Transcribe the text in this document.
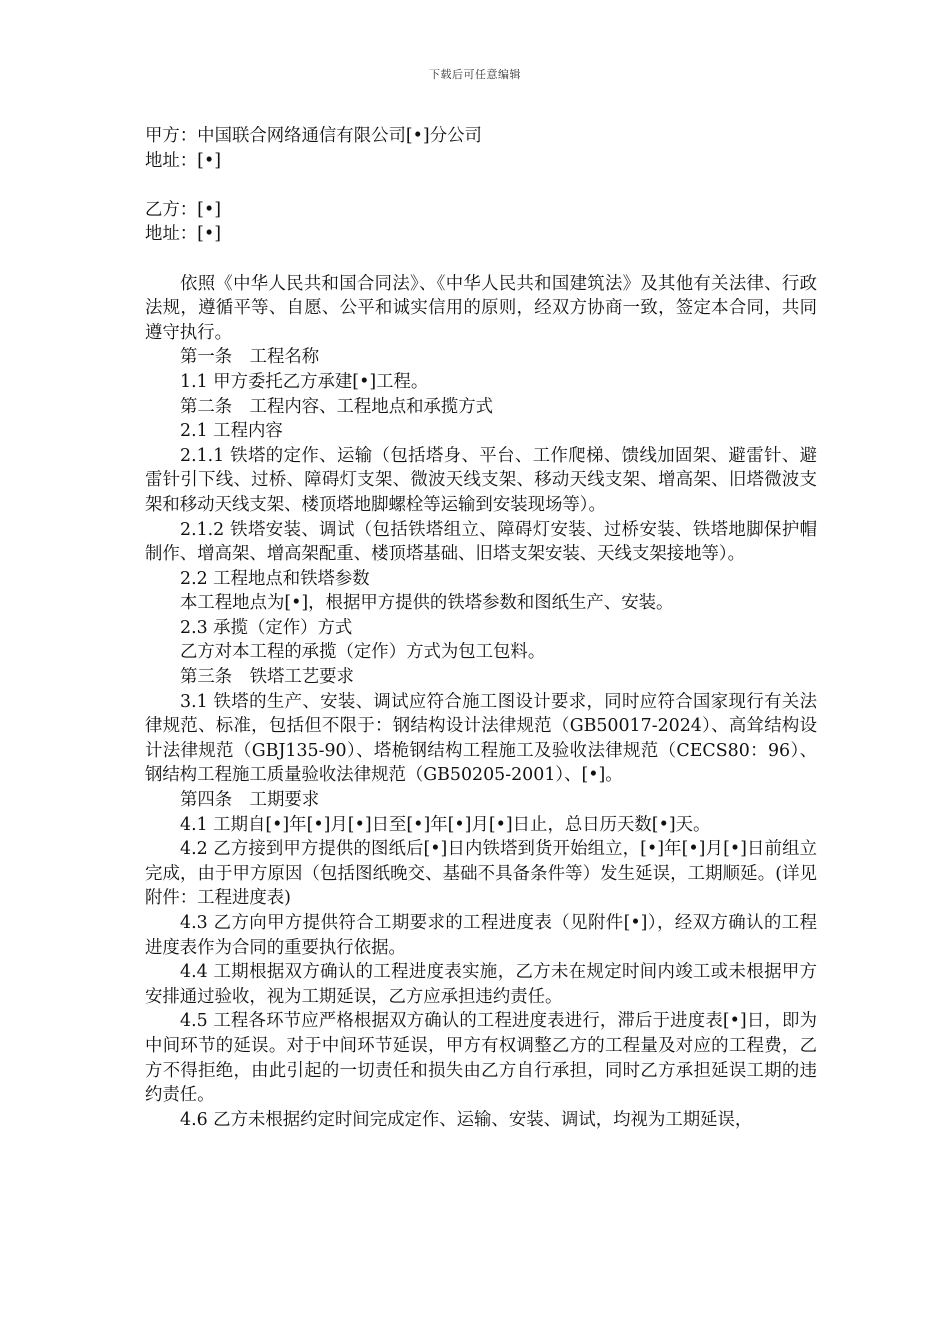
下载后可任意编辑

甲方：中国联合网络通信有限公司[•]分公司

地址：[•]

乙方：[•]

地址：[•]

依照《中华人民共和国合同法》、《中华人民共和国建筑法》及其他有关法律、行政法规，遵循平等、自愿、公平和诚实信用的原则，经双方协商一致，签定本合同，共同遵守执行。

第一条　工程名称

1.1 甲方委托乙方承建[•]工程。

第二条　工程内容、工程地点和承揽方式

2.1 工程内容

2.1.1 铁塔的定作、运输（包括塔身、平台、工作爬梯、馈线加固架、避雷针、避雷针引下线、过桥、障碍灯支架、微波天线支架、移动天线支架、增高架、旧塔微波支架和移动天线支架、楼顶塔地脚螺栓等运输到安装现场等）。

2.1.2 铁塔安装、调试（包括铁塔组立、障碍灯安装、过桥安装、铁塔地脚保护帽制作、增高架、增高架配重、楼顶塔基础、旧塔支架安装、天线支架接地等）。

2.2 工程地点和铁塔参数

本工程地点为[•]，根据甲方提供的铁塔参数和图纸生产、安装。

2.3 承揽（定作）方式

乙方对本工程的承揽（定作）方式为包工包料。

第三条　铁塔工艺要求

3.1 铁塔的生产、安装、调试应符合施工图设计要求，同时应符合国家现行有关法律规范、标准，包括但不限于：钢结构设计法律规范（GB50017-2024）、高耸结构设计法律规范（GBJ135-90）、塔桅钢结构工程施工及验收法律规范（CECS80：96）、钢结构工程施工质量验收法律规范（GB50205-2001）、[•]。

第四条　工期要求

4.1 工期自[•]年[•]月[•]日至[•]年[•]月[•]日止，总日历天数[•]天。

4.2 乙方接到甲方提供的图纸后[•]日内铁塔到货开始组立，[•]年[•]月[•]日前组立完成，由于甲方原因（包括图纸晚交、基础不具备条件等）发生延误，工期顺延。(详见附件：工程进度表)

4.3 乙方向甲方提供符合工期要求的工程进度表（见附件[•]），经双方确认的工程进度表作为合同的重要执行依据。

4.4 工期根据双方确认的工程进度表实施，乙方未在规定时间内竣工或未根据甲方安排通过验收，视为工期延误，乙方应承担违约责任。

4.5 工程各环节应严格根据双方确认的工程进度表进行，滞后于进度表[•]日，即为中间环节的延误。对于中间环节延误，甲方有权调整乙方的工程量及对应的工程费，乙方不得拒绝，由此引起的一切责任和损失由乙方自行承担，同时乙方承担延误工期的违约责任。

4.6 乙方未根据约定时间完成定作、运输、安装、调试，均视为工期延误，
